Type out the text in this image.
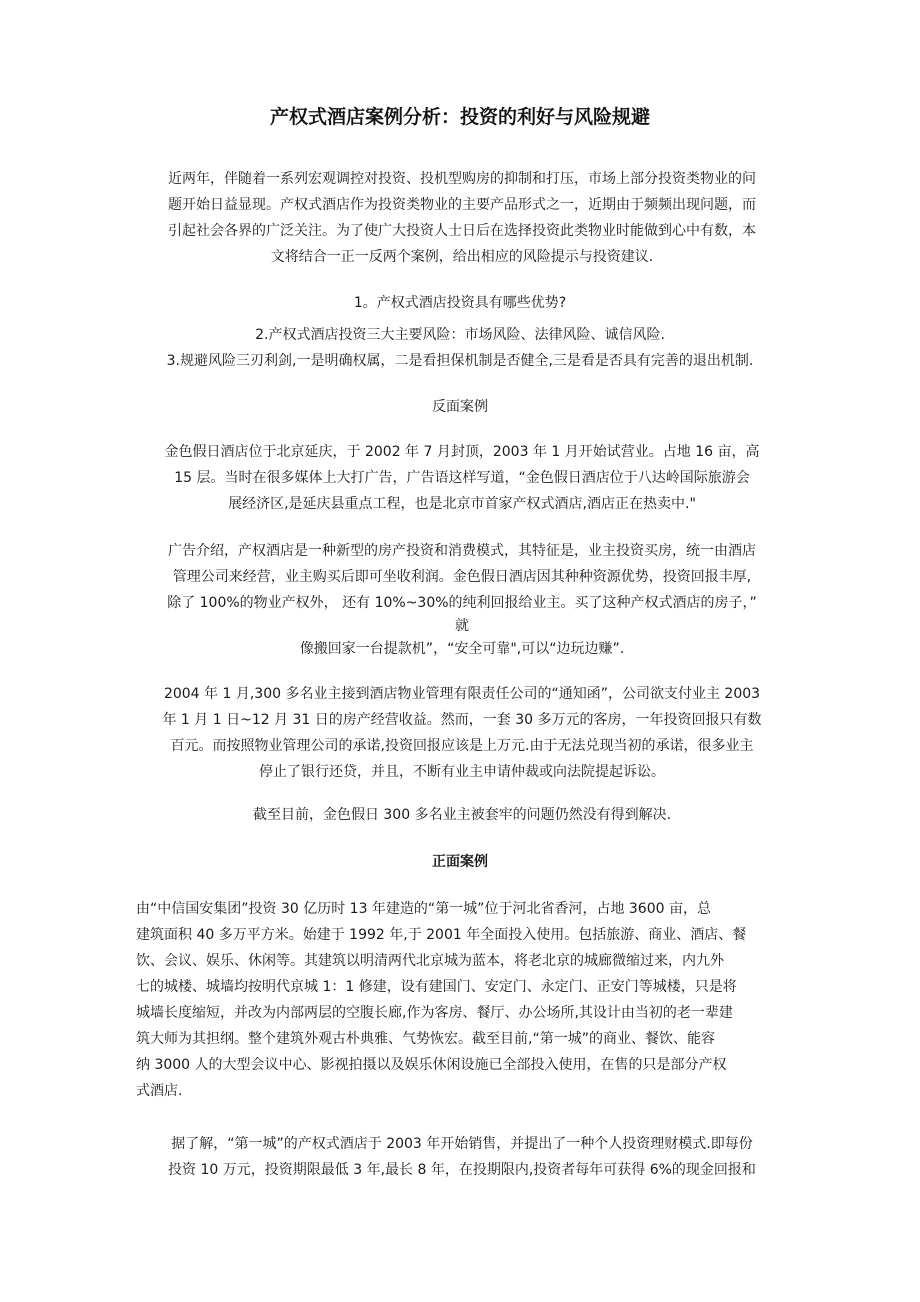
产权式酒店案例分析：投资的利好与风险规避
近两年，伴随着一系列宏观调控对投资、投机型购房的抑制和打压，市场上部分投资类物业的问
题开始日益显现。产权式酒店作为投资类物业的主要产品形式之一，近期由于频频出现问题，而
引起社会各界的广泛关注。为了使广大投资人士日后在选择投资此类物业时能做到心中有数，本
文将结合一正一反两个案例，给出相应的风险提示与投资建议.
1。产权式酒店投资具有哪些优势?
2.产权式酒店投资三大主要风险：市场风险、法律风险、诚信风险.
3.规避风险三刃利剑,一是明确权属，二是看担保机制是否健全,三是看是否具有完善的退出机制.
反面案例
金色假日酒店位于北京延庆，于 2002 年 7 月封顶，2003 年 1 月开始试营业。占地 16 亩，高
15 层。当时在很多媒体上大打广告，广告语这样写道，“金色假日酒店位于八达岭国际旅游会
展经济区,是延庆县重点工程，也是北京市首家产权式酒店,酒店正在热卖中."
广告介绍，产权酒店是一种新型的房产投资和消费模式，其特征是，业主投资买房，统一由酒店
管理公司来经营，业主购买后即可坐收利润。金色假日酒店因其种种资源优势，投资回报丰厚,
除了 100%的物业产权外， 还有 10%~30%的纯利回报给业主。买了这种产权式酒店的房子，”
就
像搬回家一台提款机”，“安全可靠",可以“边玩边赚”.
2004 年 1 月,300 多名业主接到酒店物业管理有限责任公司的“通知函”，公司欲支付业主 2003
年 1 月 1 日~12 月 31 日的房产经营收益。然而，一套 30 多万元的客房，一年投资回报只有数
百元。而按照物业管理公司的承诺,投资回报应该是上万元.由于无法兑现当初的承诺，很多业主
停止了银行还贷，并且，不断有业主申请仲裁或向法院提起诉讼。
截至目前，金色假日 300 多名业主被套牢的问题仍然没有得到解决.
正面案例
由“中信国安集团”投资 30 亿历时 13 年建造的“第一城”位于河北省香河，占地 3600 亩，总
建筑面积 40 多万平方米。始建于 1992 年,于 2001 年全面投入使用。包括旅游、商业、酒店、餐
饮、会议、娱乐、休闲等。其建筑以明清两代北京城为蓝本，将老北京的城廊微缩过来，内九外
七的城楼、城墙均按明代京城 1：1 修建，设有建国门、安定门、永定门、正安门等城楼，只是将
城墙长度缩短，并改为内部两层的空腹长廊,作为客房、餐厅、办公场所,其设计由当初的老一辈建
筑大师为其担纲。整个建筑外观古朴典雅、气势恢宏。截至目前,“第一城”的商业、餐饮、能容
纳 3000 人的大型会议中心、影视拍摄以及娱乐休闲设施已全部投入使用，在售的只是部分产权
式酒店.
据了解，“第一城”的产权式酒店于 2003 年开始销售，并提出了一种个人投资理财模式.即每份
投资 10 万元，投资期限最低 3 年,最长 8 年，在投期限内,投资者每年可获得 6%的现金回报和
